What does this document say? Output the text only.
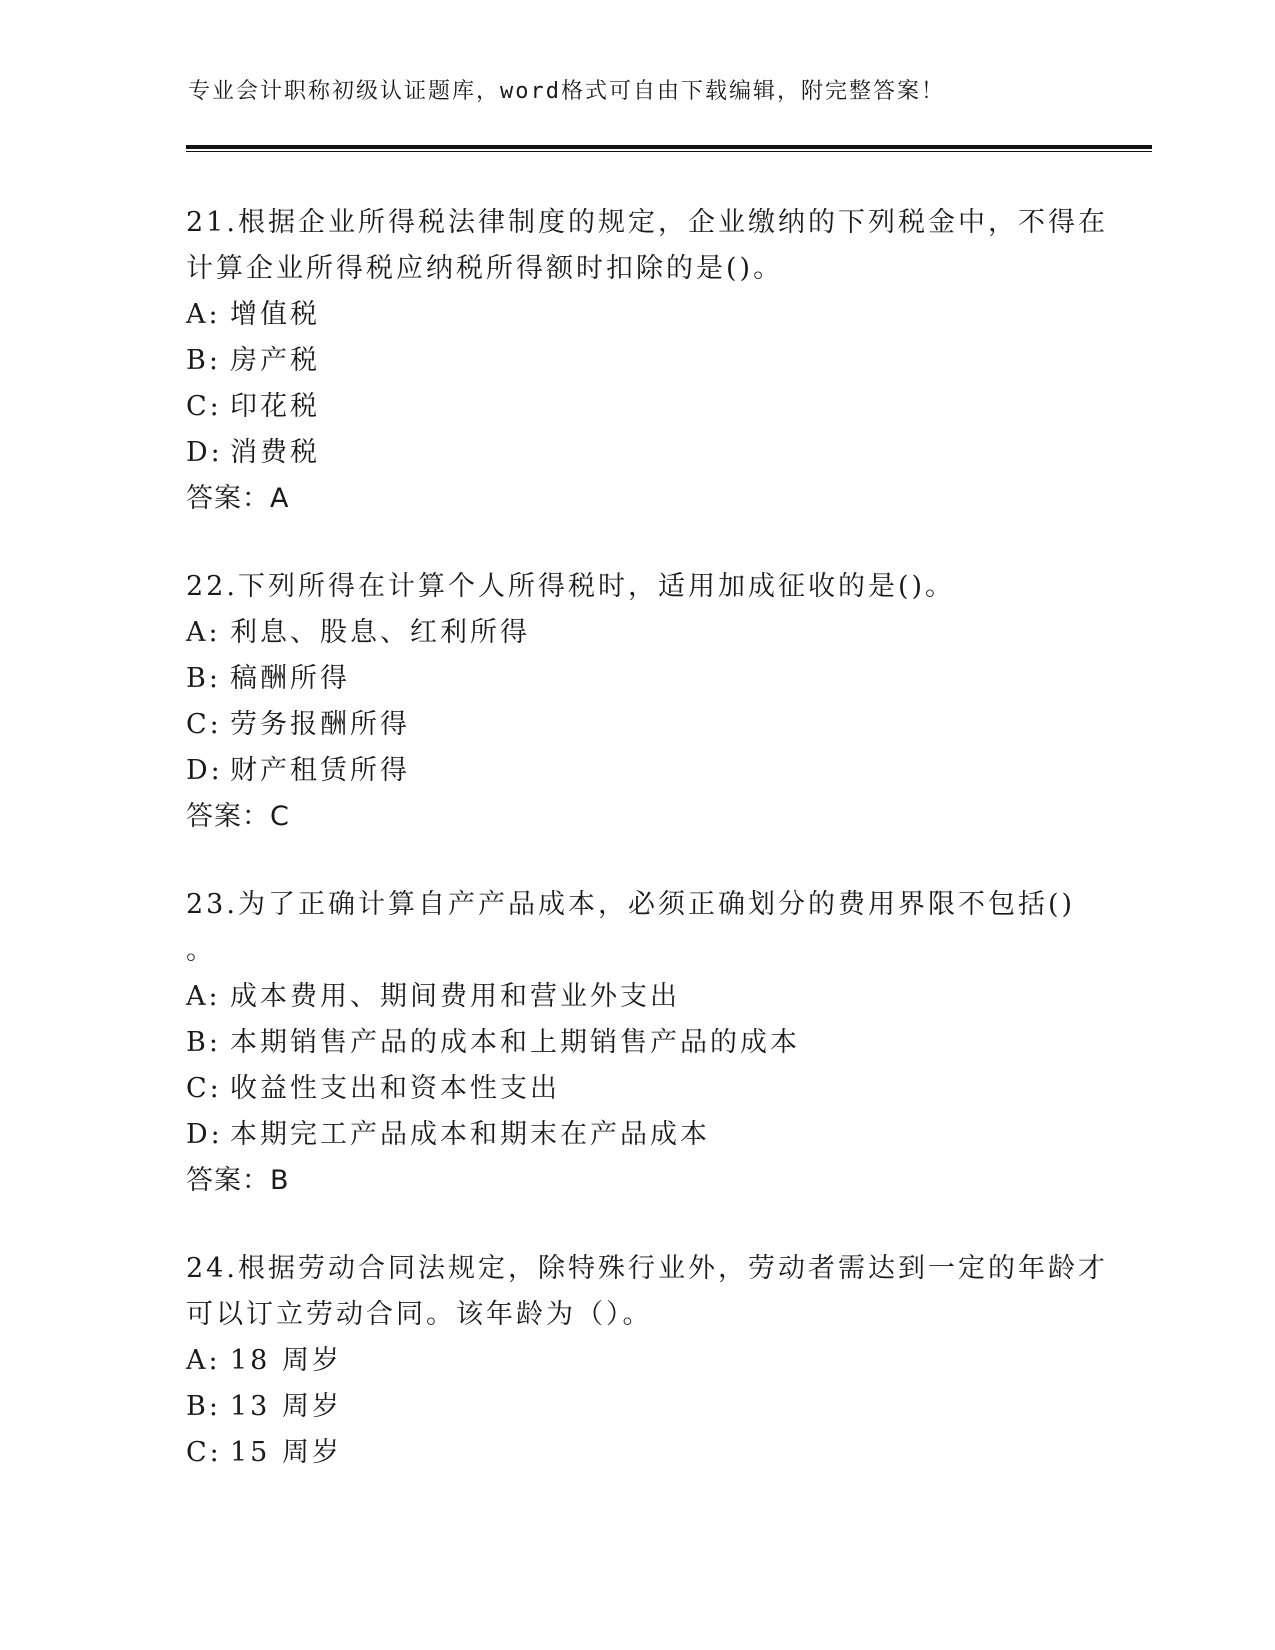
专业会计职称初级认证题库，word格式可自由下载编辑，附完整答案！
21.根据企业所得税法律制度的规定，企业缴纳的下列税金中，不得在
计算企业所得税应纳税所得额时扣除的是()。
A: 增值税
B: 房产税
C: 印花税
D: 消费税
答案：A
22.下列所得在计算个人所得税时，适用加成征收的是()。
A: 利息、股息、红利所得
B: 稿酬所得
C: 劳务报酬所得
D: 财产租赁所得
答案：C
23.为了正确计算自产产品成本，必须正确划分的费用界限不包括()
。
A: 成本费用、期间费用和营业外支出
B: 本期销售产品的成本和上期销售产品的成本
C: 收益性支出和资本性支出
D: 本期完工产品成本和期末在产品成本
答案：B
24.根据劳动合同法规定，除特殊行业外，劳动者需达到一定的年龄才
可以订立劳动合同。该年龄为（）。
A: 18 周岁
B: 13 周岁
C: 15 周岁
